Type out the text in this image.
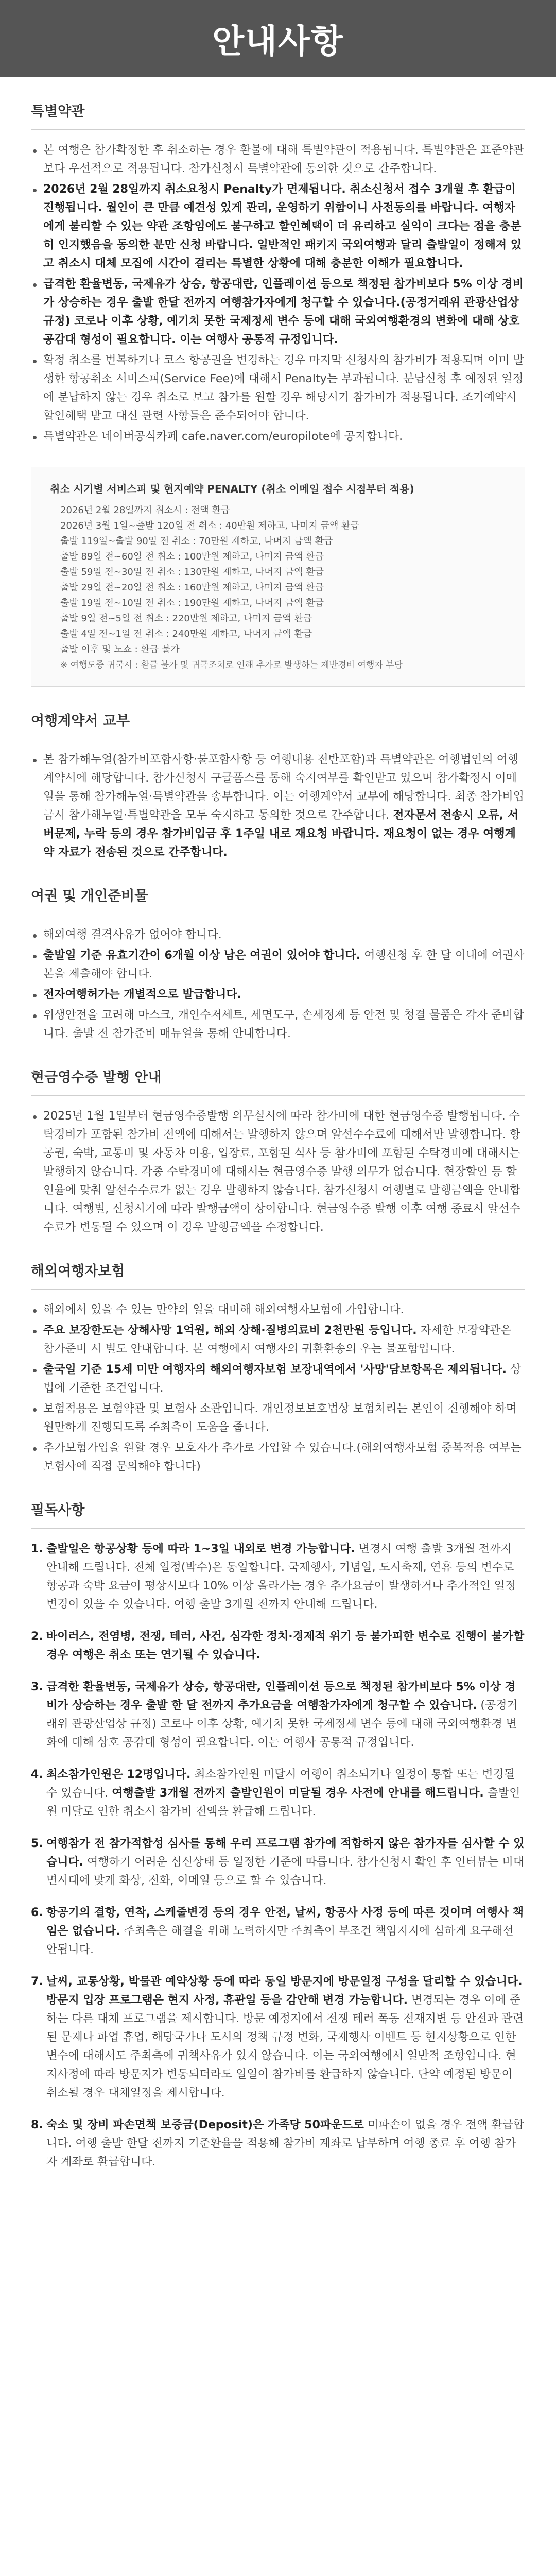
안내사항
특별약관
본 여행은 참가확정한 후 취소하는 경우 환불에 대해 특별약관이 적용됩니다. 특별약관은 표준약관보다 우선적으로 적용됩니다. 참가신청시 특별약관에 동의한 것으로 간주합니다.
2026년 2월 28일까지 취소요청시 Penalty가 면제됩니다. 취소신청서 접수 3개월 후 환급이 진행됩니다. 월인이 큰 만큼 예견성 있게 관리, 운영하기 위함이니 사전동의를 바랍니다. 여행자에게 불리할 수 있는 약관 조항임에도 불구하고 할인혜택이 더 유리하고 실익이 크다는 점을 충분히 인지했음을 동의한 분만 신청 바랍니다. 일반적인 패키지 국외여행과 달리 출발일이 정해져 있고 취소시 대체 모집에 시간이 걸리는 특별한 상황에 대해 충분한 이해가 필요합니다.
급격한 환율변동, 국제유가 상승, 항공대란, 인플레이션 등으로 책정된 참가비보다 5% 이상 경비가 상승하는 경우 출발 한달 전까지 여행참가자에게 청구할 수 있습니다.(공정거래위 관광산업상 규정) 코로나 이후 상황, 예기치 못한 국제정세 변수 등에 대해 국외여행환경의 변화에 대해 상호 공감대 형성이 필요합니다. 이는 여행사 공통적 규정입니다.
확정 취소를 번복하거나 코스 항공권을 변경하는 경우 마지막 신청사의 참가비가 적용되며 이미 발생한 항공취소 서비스피(Service Fee)에 대해서 Penalty는 부과됩니다. 분납신청 후 예정된 일정에 분납하지 않는 경우 취소로 보고 참가를 원할 경우 해당시기 참가비가 적용됩니다. 조기예약시 할인혜택 받고 대신 관련 사항들은 준수되어야 합니다.
특별약관은 네이버공식카페 cafe.naver.com/europilote에 공지합니다.
취소 시기별 서비스피 및 현지예약 PENALTY (취소 이메일 접수 시점부터 적용)
2026년 2월 28일까지 취소시 : 전액 환급
2026년 3월 1일~출발 120일 전 취소 : 40만원 제하고, 나머지 금액 환급
출발 119일~출발 90일 전 취소 : 70만원 제하고, 나머지 금액 환급
출발 89일 전~60일 전 취소 : 100만원 제하고, 나머지 금액 환급
출발 59일 전~30일 전 취소 : 130만원 제하고, 나머지 금액 환급
출발 29일 전~20일 전 취소 : 160만원 제하고, 나머지 금액 환급
출발 19일 전~10일 전 취소 : 190만원 제하고, 나머지 금액 환급
출발 9일 전~5일 전 취소 : 220만원 제하고, 나머지 금액 환급
출발 4일 전~1일 전 취소 : 240만원 제하고, 나머지 금액 환급
출발 이후 및 노쇼 : 환급 불가
※ 여행도중 귀국시 : 환급 불가 및 귀국조치로 인해 추가로 발생하는 제반경비 여행자 부담
여행계약서 교부
본 참가해누얼(참가비포함사항·불포함사항 등 여행내용 전반포함)과 특별약관은 여행법인의 여행계약서에 해당합니다. 참가신청시 구글폼스를 통해 숙지여부를 확인받고 있으며 참가확정시 이메일을 통해 참가해누얼·특별약관을 송부합니다. 이는 여행계약서 교부에 해당합니다. 최종 참가비입금시 참가해누얼·특별약관을 모두 숙지하고 동의한 것으로 간주합니다. 전자문서 전송시 오류, 서버문제, 누락 등의 경우 참가비입금 후 1주일 내로 재요청 바랍니다. 재요청이 없는 경우 여행계약 자료가 전송된 것으로 간주합니다.
여권 및 개인준비물
해외여행 결격사유가 없어야 합니다.
출발일 기준 유효기간이 6개월 이상 남은 여권이 있어야 합니다. 여행신청 후 한 달 이내에 여권사본을 제출해야 합니다.
전자여행허가는 개별적으로 발급합니다.
위생안전을 고려해 마스크, 개인수저세트, 세면도구, 손세정제 등 안전 및 청결 물품은 각자 준비합니다. 출발 전 참가준비 매뉴얼을 통해 안내합니다.
현금영수증 발행 안내
2025년 1월 1일부터 현금영수증발행 의무실시에 따라 참가비에 대한 현금영수증 발행됩니다. 수탁경비가 포함된 참가비 전액에 대해서는 발행하지 않으며 알선수수료에 대해서만 발행합니다. 항공권, 숙박, 교통비 및 자동차 이용, 입장료, 포함된 식사 등 참가비에 포함된 수탁경비에 대해서는 발행하지 않습니다. 각종 수탁경비에 대해서는 현금영수증 발행 의무가 없습니다. 현장할인 등 할인율에 맞춰 알선수수료가 없는 경우 발행하지 않습니다. 참가신청시 여행별로 발행금액을 안내합니다. 여행별, 신청시기에 따라 발행금액이 상이합니다. 현금영수증 발행 이후 여행 종료시 알선수수료가 변동될 수 있으며 이 경우 발행금액을 수정합니다.
해외여행자보험
해외에서 있을 수 있는 만약의 일을 대비해 해외여행자보험에 가입합니다.
주요 보장한도는 상해사망 1억원, 해외 상해·질병의료비 2천만원 등입니다. 자세한 보장약관은 참가준비 시 별도 안내합니다. 본 여행에서 여행자의 귀환환송의 우는 불포함입니다.
출국일 기준 15세 미만 여행자의 해외여행자보험 보장내역에서 '사망'담보항목은 제외됩니다. 상법에 기준한 조건입니다.
보험적용은 보험약관 및 보험사 소관입니다. 개인정보보호법상 보험처리는 본인이 진행해야 하며 원만하게 진행되도록 주최측이 도움을 줍니다.
추가보험가입을 원할 경우 보호자가 추가로 가입할 수 있습니다.(해외여행자보험 중복적용 여부는 보험사에 직접 문의해야 합니다)
필독사항
1. 출발일은 항공상황 등에 따라 1~3일 내외로 변경 가능합니다. 변경시 여행 출발 3개월 전까지 안내해 드립니다. 전체 일정(박수)은 동일합니다. 국제행사, 기념일, 도시축제, 연휴 등의 변수로 항공과 숙박 요금이 평상시보다 10% 이상 올라가는 경우 추가요금이 발생하거나 추가적인 일정변경이 있을 수 있습니다. 여행 출발 3개월 전까지 안내해 드립니다.
2. 바이러스, 전염병, 전쟁, 테러, 사건, 심각한 정치·경제적 위기 등 불가피한 변수로 진행이 불가할 경우 여행은 취소 또는 연기될 수 있습니다.
3. 급격한 환율변동, 국제유가 상승, 항공대란, 인플레이션 등으로 책정된 참가비보다 5% 이상 경비가 상승하는 경우 출발 한 달 전까지 추가요금을 여행참가자에게 청구할 수 있습니다. (공정거래위 관광산업상 규정) 코로나 이후 상황, 예기치 못한 국제정세 변수 등에 대해 국외여행환경 변화에 대해 상호 공감대 형성이 필요합니다. 이는 여행사 공통적 규정입니다.
4. 최소참가인원은 12명입니다. 최소참가인원 미달시 여행이 취소되거나 일정이 통합 또는 변경될 수 있습니다. 여행출발 3개월 전까지 출발인원이 미달될 경우 사전에 안내를 해드립니다. 출발인원 미달로 인한 취소시 참가비 전액을 환급해 드립니다.
5. 여행참가 전 참가적합성 심사를 통해 우리 프로그램 참가에 적합하지 않은 참가자를 심사할 수 있습니다. 여행하기 어려운 심신상태 등 일정한 기준에 따릅니다. 참가신청서 확인 후 인터뷰는 비대면시대에 맞게 화상, 전화, 이메일 등으로 할 수 있습니다.
6. 항공기의 결항, 연착, 스케줄변경 등의 경우 안전, 날씨, 항공사 사정 등에 따른 것이며 여행사 책임은 없습니다. 주최측은 해결을 위해 노력하지만 주최측이 부조건 책임지지에 심하게 요구해선 안됩니다.
7. 날씨, 교통상황, 박물관 예약상황 등에 따라 동일 방문지에 방문일정 구성을 달리할 수 있습니다. 방문지 입장 프로그램은 현지 사정, 휴관일 등을 감안해 변경 가능합니다. 변경되는 경우 이에 준하는 다른 대체 프로그램을 제시합니다. 방문 예정지에서 전쟁 테러 폭동 전재지변 등 안전과 관련된 문제나 파업 휴업, 해당국가나 도시의 정책 규정 변화, 국제행사 이벤트 등 현지상황으로 인한 변수에 대해서도 주최측에 귀책사유가 있지 않습니다. 이는 국외여행에서 일반적 조항입니다. 현지사정에 따라 방문지가 변동되더라도 일일이 참가비를 환급하지 않습니다. 단약 예정된 방문이 취소될 경우 대체일정을 제시합니다.
8. 숙소 및 장비 파손면책 보증금(Deposit)은 가족당 50파운드로 미파손이 없을 경우 전액 환급합니다. 여행 출발 한달 전까지 기준환율을 적용해 참가비 계좌로 납부하며 여행 종료 후 여행 참가자 계좌로 환급합니다.
